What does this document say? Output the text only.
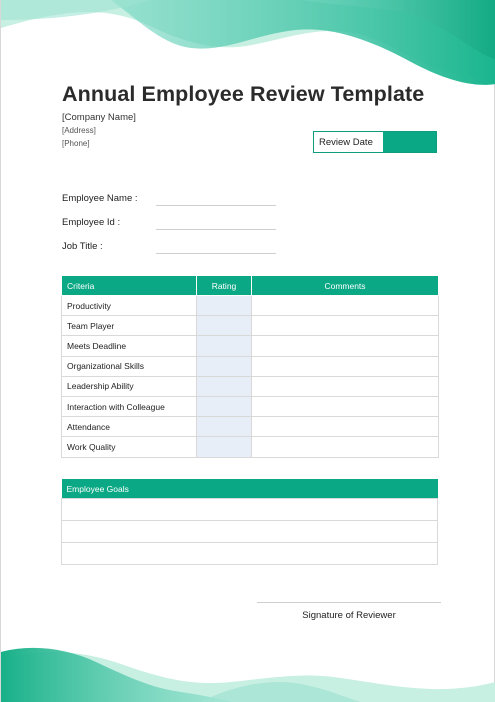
Annual Employee Review Template
[Company Name]
[Address]
[Phone]	Review Date
Employee Name :
Employee Id :
Job Title :
Criteria	Rating	Comments
Productivity		
Team Player		
Meets Deadline		
Organizational Skills		
Leadership Ability		
Interaction with Colleague		
Attendance		
Work Quality		
Employee Goals

Signature of Reviewer
